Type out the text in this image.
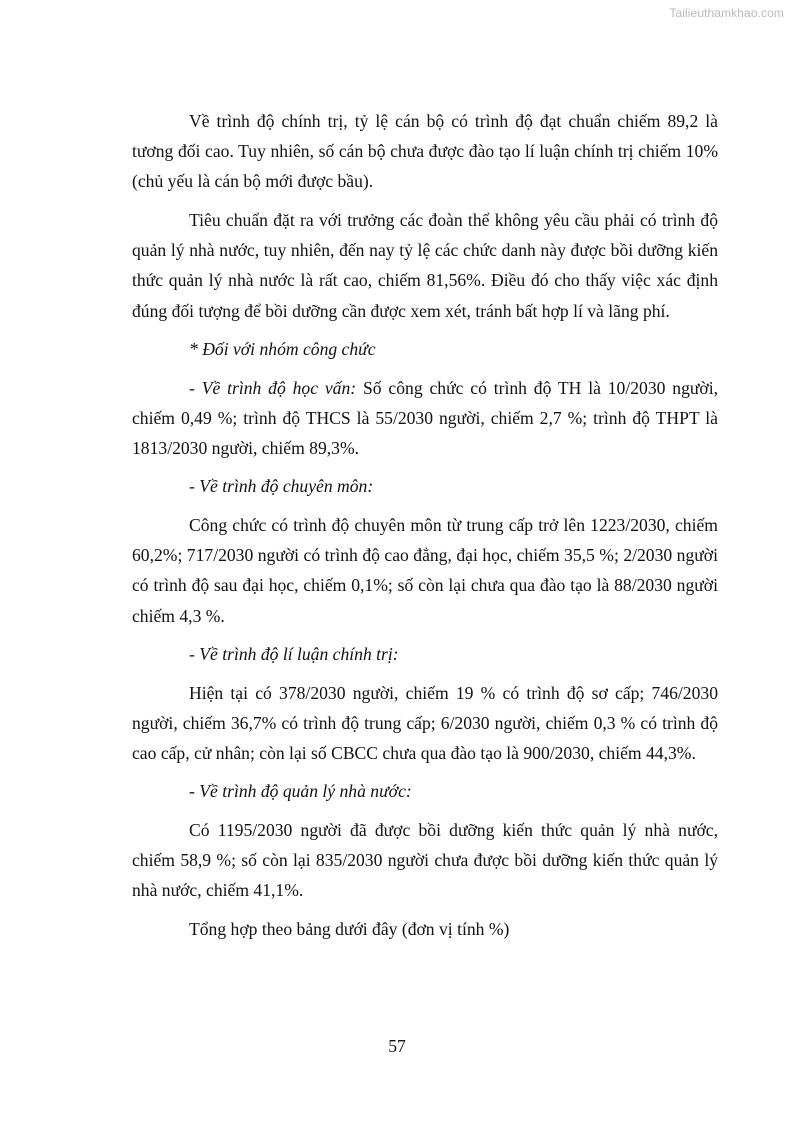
Tailieuthamkhao.com

Về trình độ chính trị, tỷ lệ cán bộ có trình độ đạt chuẩn chiếm 89,2 là tương đối cao. Tuy nhiên, số cán bộ chưa được đào tạo lí luận chính trị chiếm 10% (chủ yếu là cán bộ mới được bầu).

Tiêu chuẩn đặt ra với trưởng các đoàn thể không yêu cầu phải có trình độ quản lý nhà nước, tuy nhiên, đến nay tỷ lệ các chức danh này được bồi dưỡng kiến thức quản lý nhà nước là rất cao, chiếm 81,56%. Điều đó cho thấy việc xác định đúng đối tượng để bồi dưỡng cần được xem xét, tránh bất hợp lí và lãng phí.

* Đối với nhóm công chức

- Về trình độ học vấn: Số công chức có trình độ TH là 10/2030 người, chiếm 0,49 %; trình độ THCS là 55/2030 người, chiếm 2,7 %; trình độ THPT là 1813/2030 người, chiếm 89,3%.

- Về trình độ chuyên môn:

Công chức có trình độ chuyên môn từ trung cấp trở lên 1223/2030, chiếm 60,2%; 717/2030 người có trình độ cao đẳng, đại học, chiếm 35,5 %; 2/2030 người có trình độ sau đại học, chiếm 0,1%; số còn lại chưa qua đào tạo là 88/2030 người chiếm 4,3 %.

- Về trình độ lí luận chính trị:

Hiện tại có 378/2030 người, chiếm 19 % có trình độ sơ cấp; 746/2030 người, chiếm 36,7% có trình độ trung cấp; 6/2030 người, chiếm 0,3 % có trình độ cao cấp, cử nhân; còn lại số CBCC chưa qua đào tạo là 900/2030, chiếm 44,3%.

- Về trình độ quản lý nhà nước:

Có 1195/2030 người đã được bồi dưỡng kiến thức quản lý nhà nước, chiếm 58,9 %; số còn lại 835/2030 người chưa được bồi dưỡng kiến thức quản lý nhà nước, chiếm 41,1%.

Tổng hợp theo bảng dưới đây (đơn vị tính %)

57
